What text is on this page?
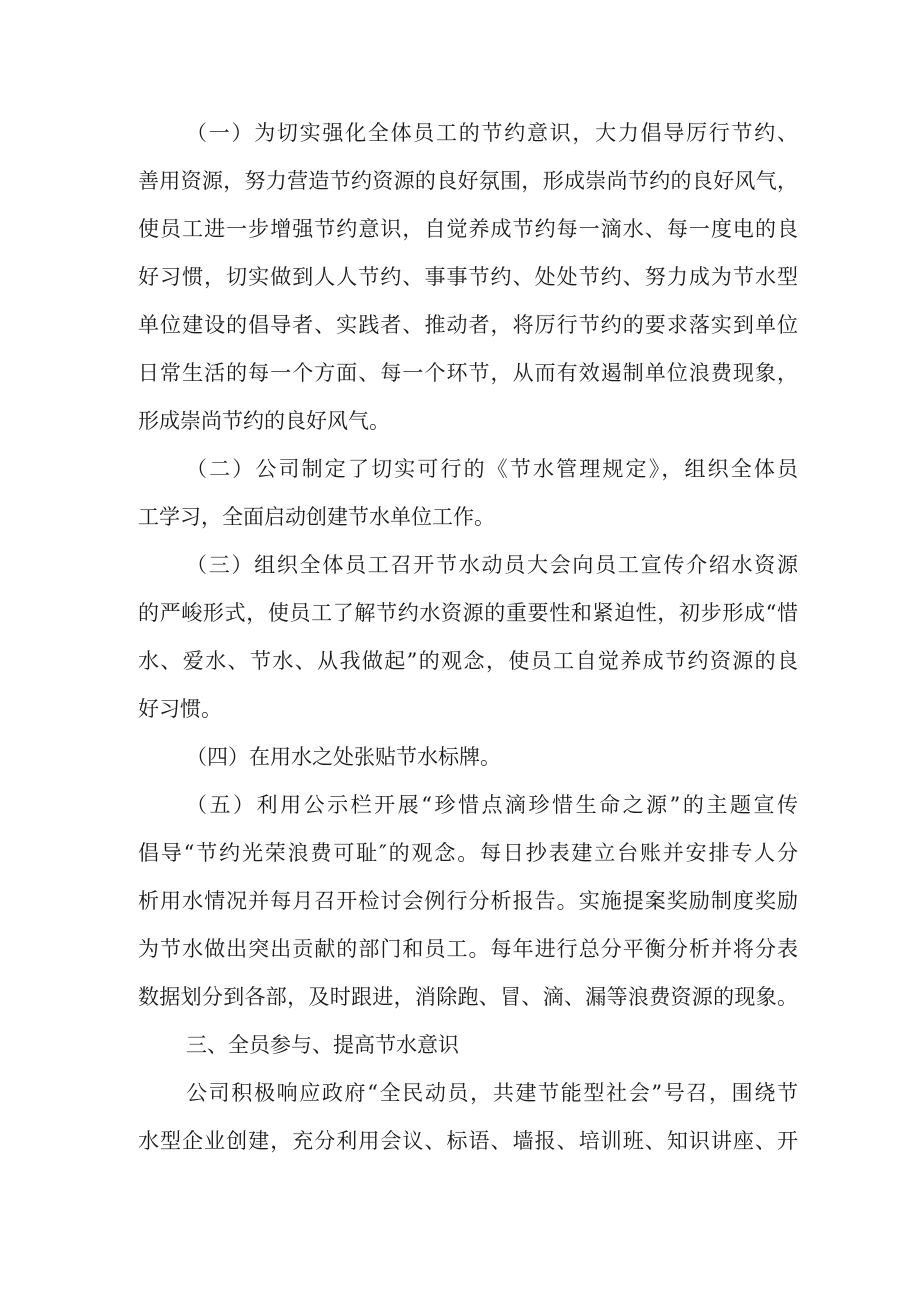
（一）为切实强化全体员工的节约意识，大力倡导厉行节约、
善用资源，努力营造节约资源的良好氛围，形成崇尚节约的良好风气，
使员工进一步增强节约意识，自觉养成节约每一滴水、每一度电的良
好习惯，切实做到人人节约、事事节约、处处节约、努力成为节水型
单位建设的倡导者、实践者、推动者，将厉行节约的要求落实到单位
日常生活的每一个方面、每一个环节，从而有效遏制单位浪费现象，
形成崇尚节约的良好风气。
（二）公司制定了切实可行的《节水管理规定》，组织全体员
工学习，全面启动创建节水单位工作。
（三）组织全体员工召开节水动员大会向员工宣传介绍水资源
的严峻形式，使员工了解节约水资源的重要性和紧迫性，初步形成“惜
水、爱水、节水、从我做起”的观念，使员工自觉养成节约资源的良
好习惯。
（四）在用水之处张贴节水标牌。
（五）利用公示栏开展“珍惜点滴珍惜生命之源”的主题宣传
倡导“节约光荣浪费可耻″的观念。每日抄表建立台账并安排专人分
析用水情况并每月召开检讨会例行分析报告。实施提案奖励制度奖励
为节水做出突出贡献的部门和员工。每年进行总分平衡分析并将分表
数据划分到各部，及时跟进，消除跑、冒、滴、漏等浪费资源的现象。
三、全员参与、提高节水意识
公司积极响应政府“全民动员，共建节能型社会”号召，围绕节
水型企业创建，充分利用会议、标语、墙报、培训班、知识讲座、开
